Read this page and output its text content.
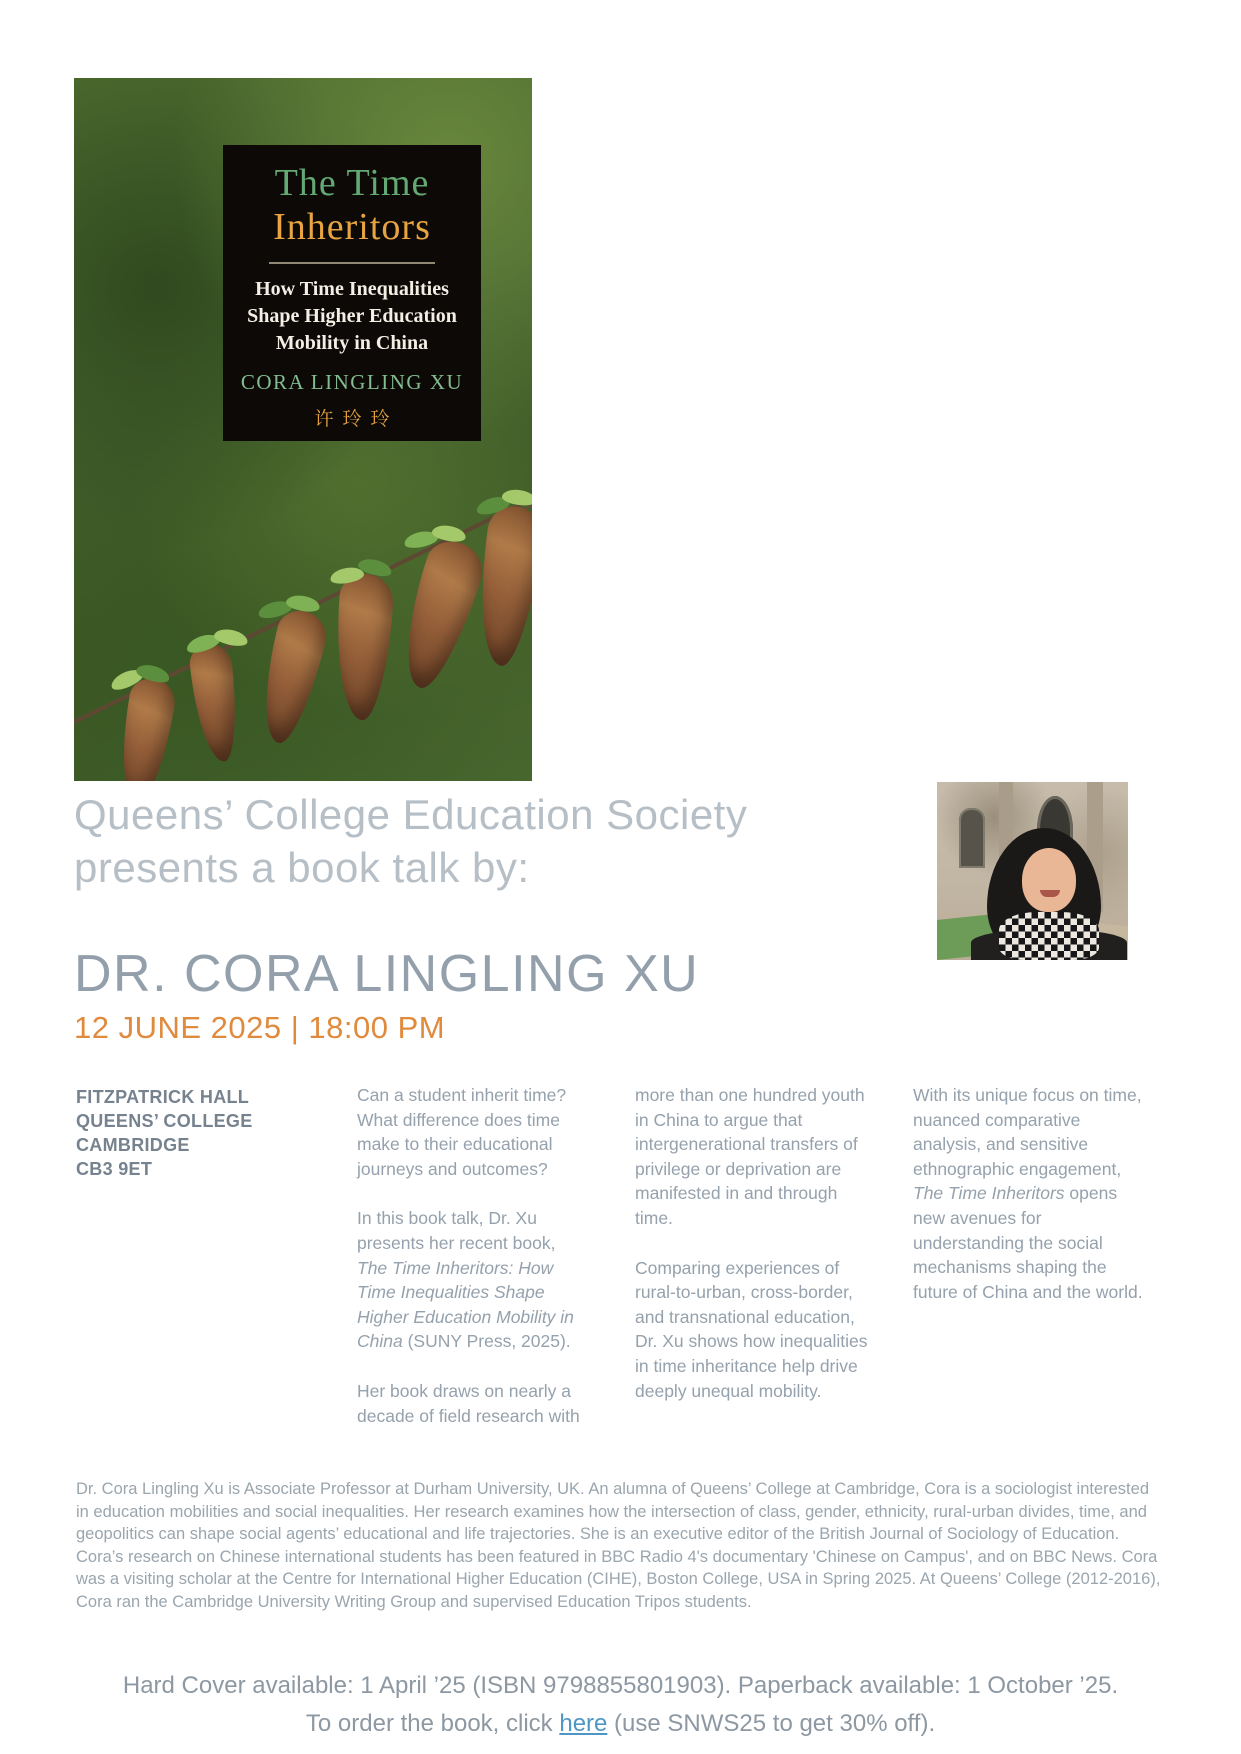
The Time
Inheritors
How Time Inequalities
Shape Higher Education
Mobility in China
CORA LINGLING XU
许玲玲
Queens’ College Education Society
presents a book talk by:
DR. CORA LINGLING XU
12 JUNE 2025 | 18:00 PM
FITZPATRICK HALL
QUEENS’ COLLEGE
CAMBRIDGE
CB3 9ET

Can a student inherit time? What difference does time make to their educational journeys and outcomes?

In this book talk, Dr. Xu presents her recent book, The Time Inheritors: How Time Inequalities Shape Higher Education Mobility in China (SUNY Press, 2025).

Her book draws on nearly a decade of field research with

more than one hundred youth in China to argue that intergenerational transfers of privilege or deprivation are manifested in and through time.

Comparing experiences of rural-to-urban, cross-border, and transnational education, Dr. Xu shows how inequalities in time inheritance help drive deeply unequal mobility.

With its unique focus on time, nuanced comparative analysis, and sensitive ethnographic engagement, The Time Inheritors opens new avenues for understanding the social mechanisms shaping the future of China and the world.

Dr. Cora Lingling Xu is Associate Professor at Durham University, UK. An alumna of Queens’ College at Cambridge, Cora is a sociologist interested in education mobilities and social inequalities. Her research examines how the intersection of class, gender, ethnicity, rural-urban divides, time, and geopolitics can shape social agents’ educational and life trajectories. She is an executive editor of the British Journal of Sociology of Education. Cora’s research on Chinese international students has been featured in BBC Radio 4's documentary 'Chinese on Campus', and on BBC News. Cora was a visiting scholar at the Centre for International Higher Education (CIHE), Boston College, USA in Spring 2025. At Queens’ College (2012-2016), Cora ran the Cambridge University Writing Group and supervised Education Tripos students.
Hard Cover available: 1 April ’25 (ISBN 9798855801903). Paperback available: 1 October ’25.
To order the book, click here (use SNWS25 to get 30% off).
